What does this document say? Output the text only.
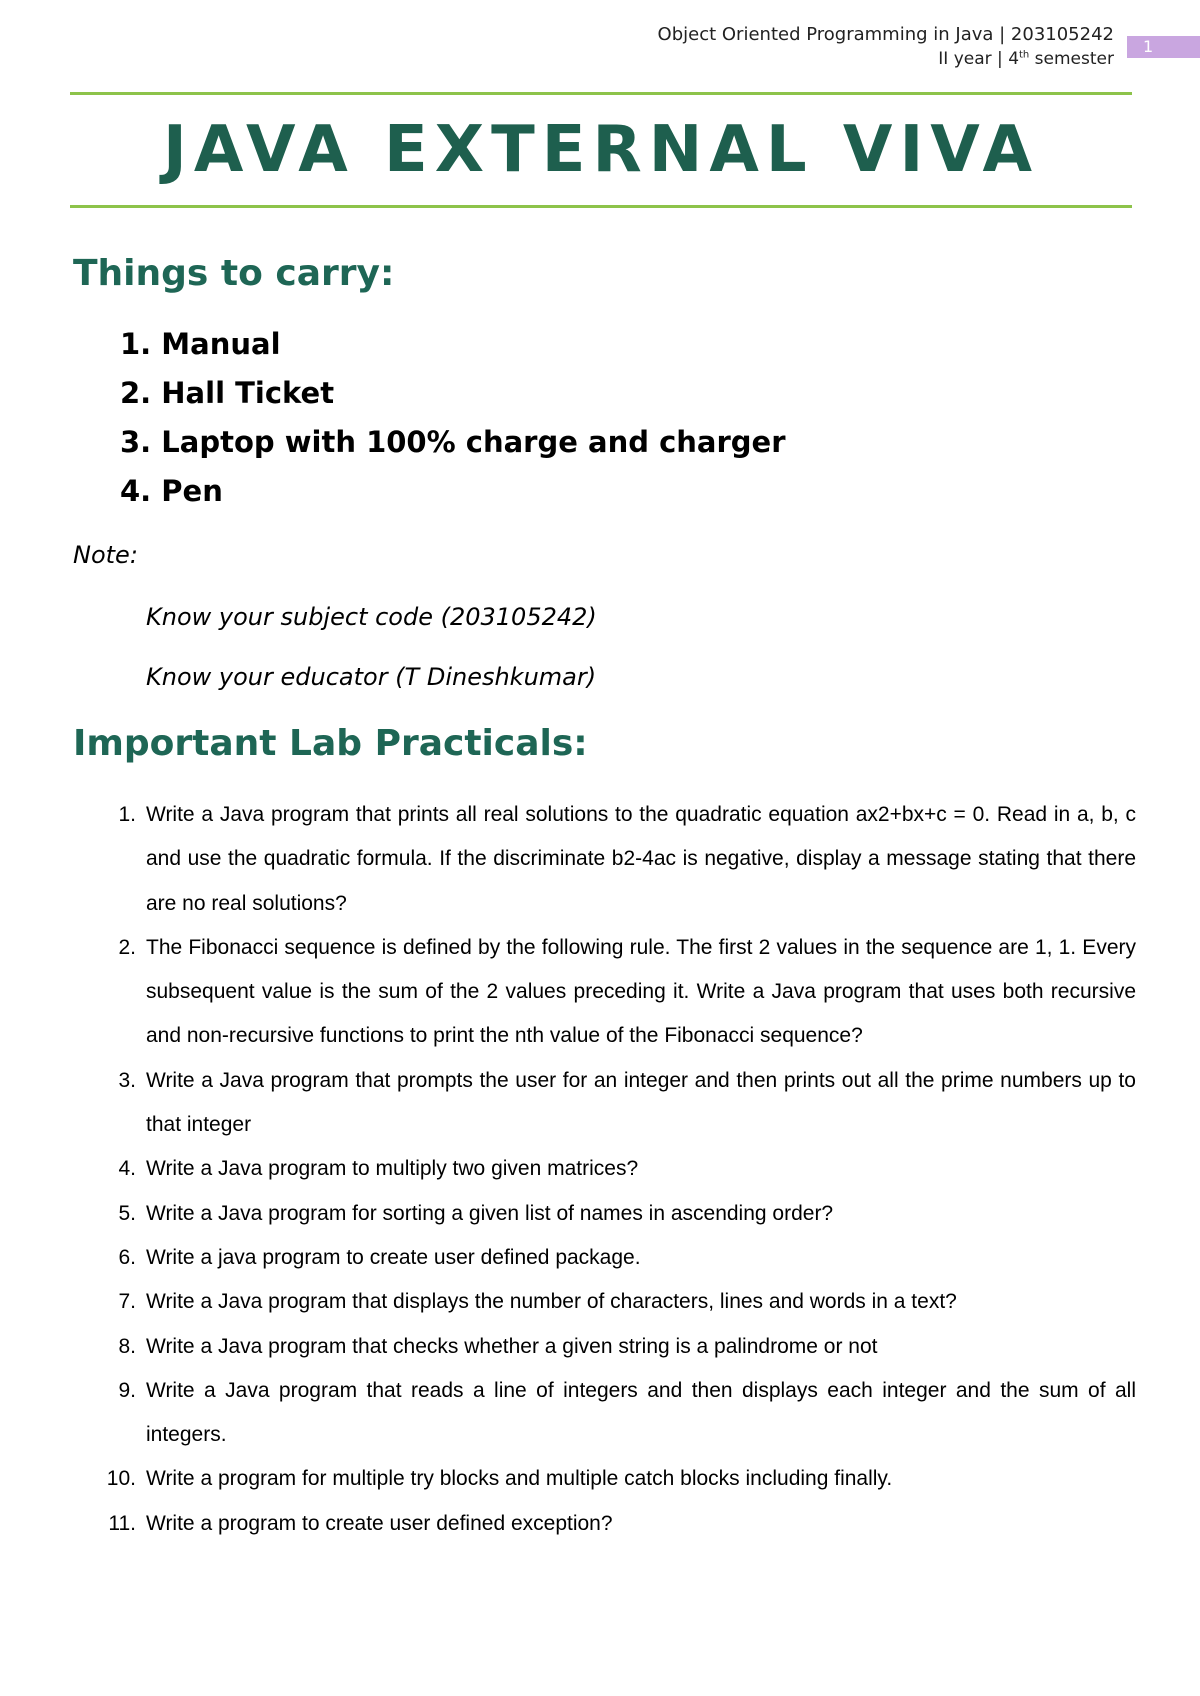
Object Oriented Programming in Java | 203105242
II year | 4th semester
1
JAVA EXTERNAL VIVA
Things to carry:
1. Manual
2. Hall Ticket
3. Laptop with 100% charge and charger
4. Pen
Note:
Know your subject code (203105242)
Know your educator (T Dineshkumar)
Important Lab Practicals:
1. Write a Java program that prints all real solutions to the quadratic equation ax2+bx+c = 0. Read in a, b, c and use the quadratic formula. If the discriminate b2-4ac is negative, display a message stating that there are no real solutions?
2. The Fibonacci sequence is defined by the following rule. The first 2 values in the sequence are 1, 1. Every subsequent value is the sum of the 2 values preceding it. Write a Java program that uses both recursive and non-recursive functions to print the nth value of the Fibonacci sequence?
3. Write a Java program that prompts the user for an integer and then prints out all the prime numbers up to that integer
4. Write a Java program to multiply two given matrices?
5. Write a Java program for sorting a given list of names in ascending order?
6. Write a java program to create user defined package.
7. Write a Java program that displays the number of characters, lines and words in a text?
8. Write a Java program that checks whether a given string is a palindrome or not
9. Write a Java program that reads a line of integers and then displays each integer and the sum of all integers.
10. Write a program for multiple try blocks and multiple catch blocks including finally.
11. Write a program to create user defined exception?
